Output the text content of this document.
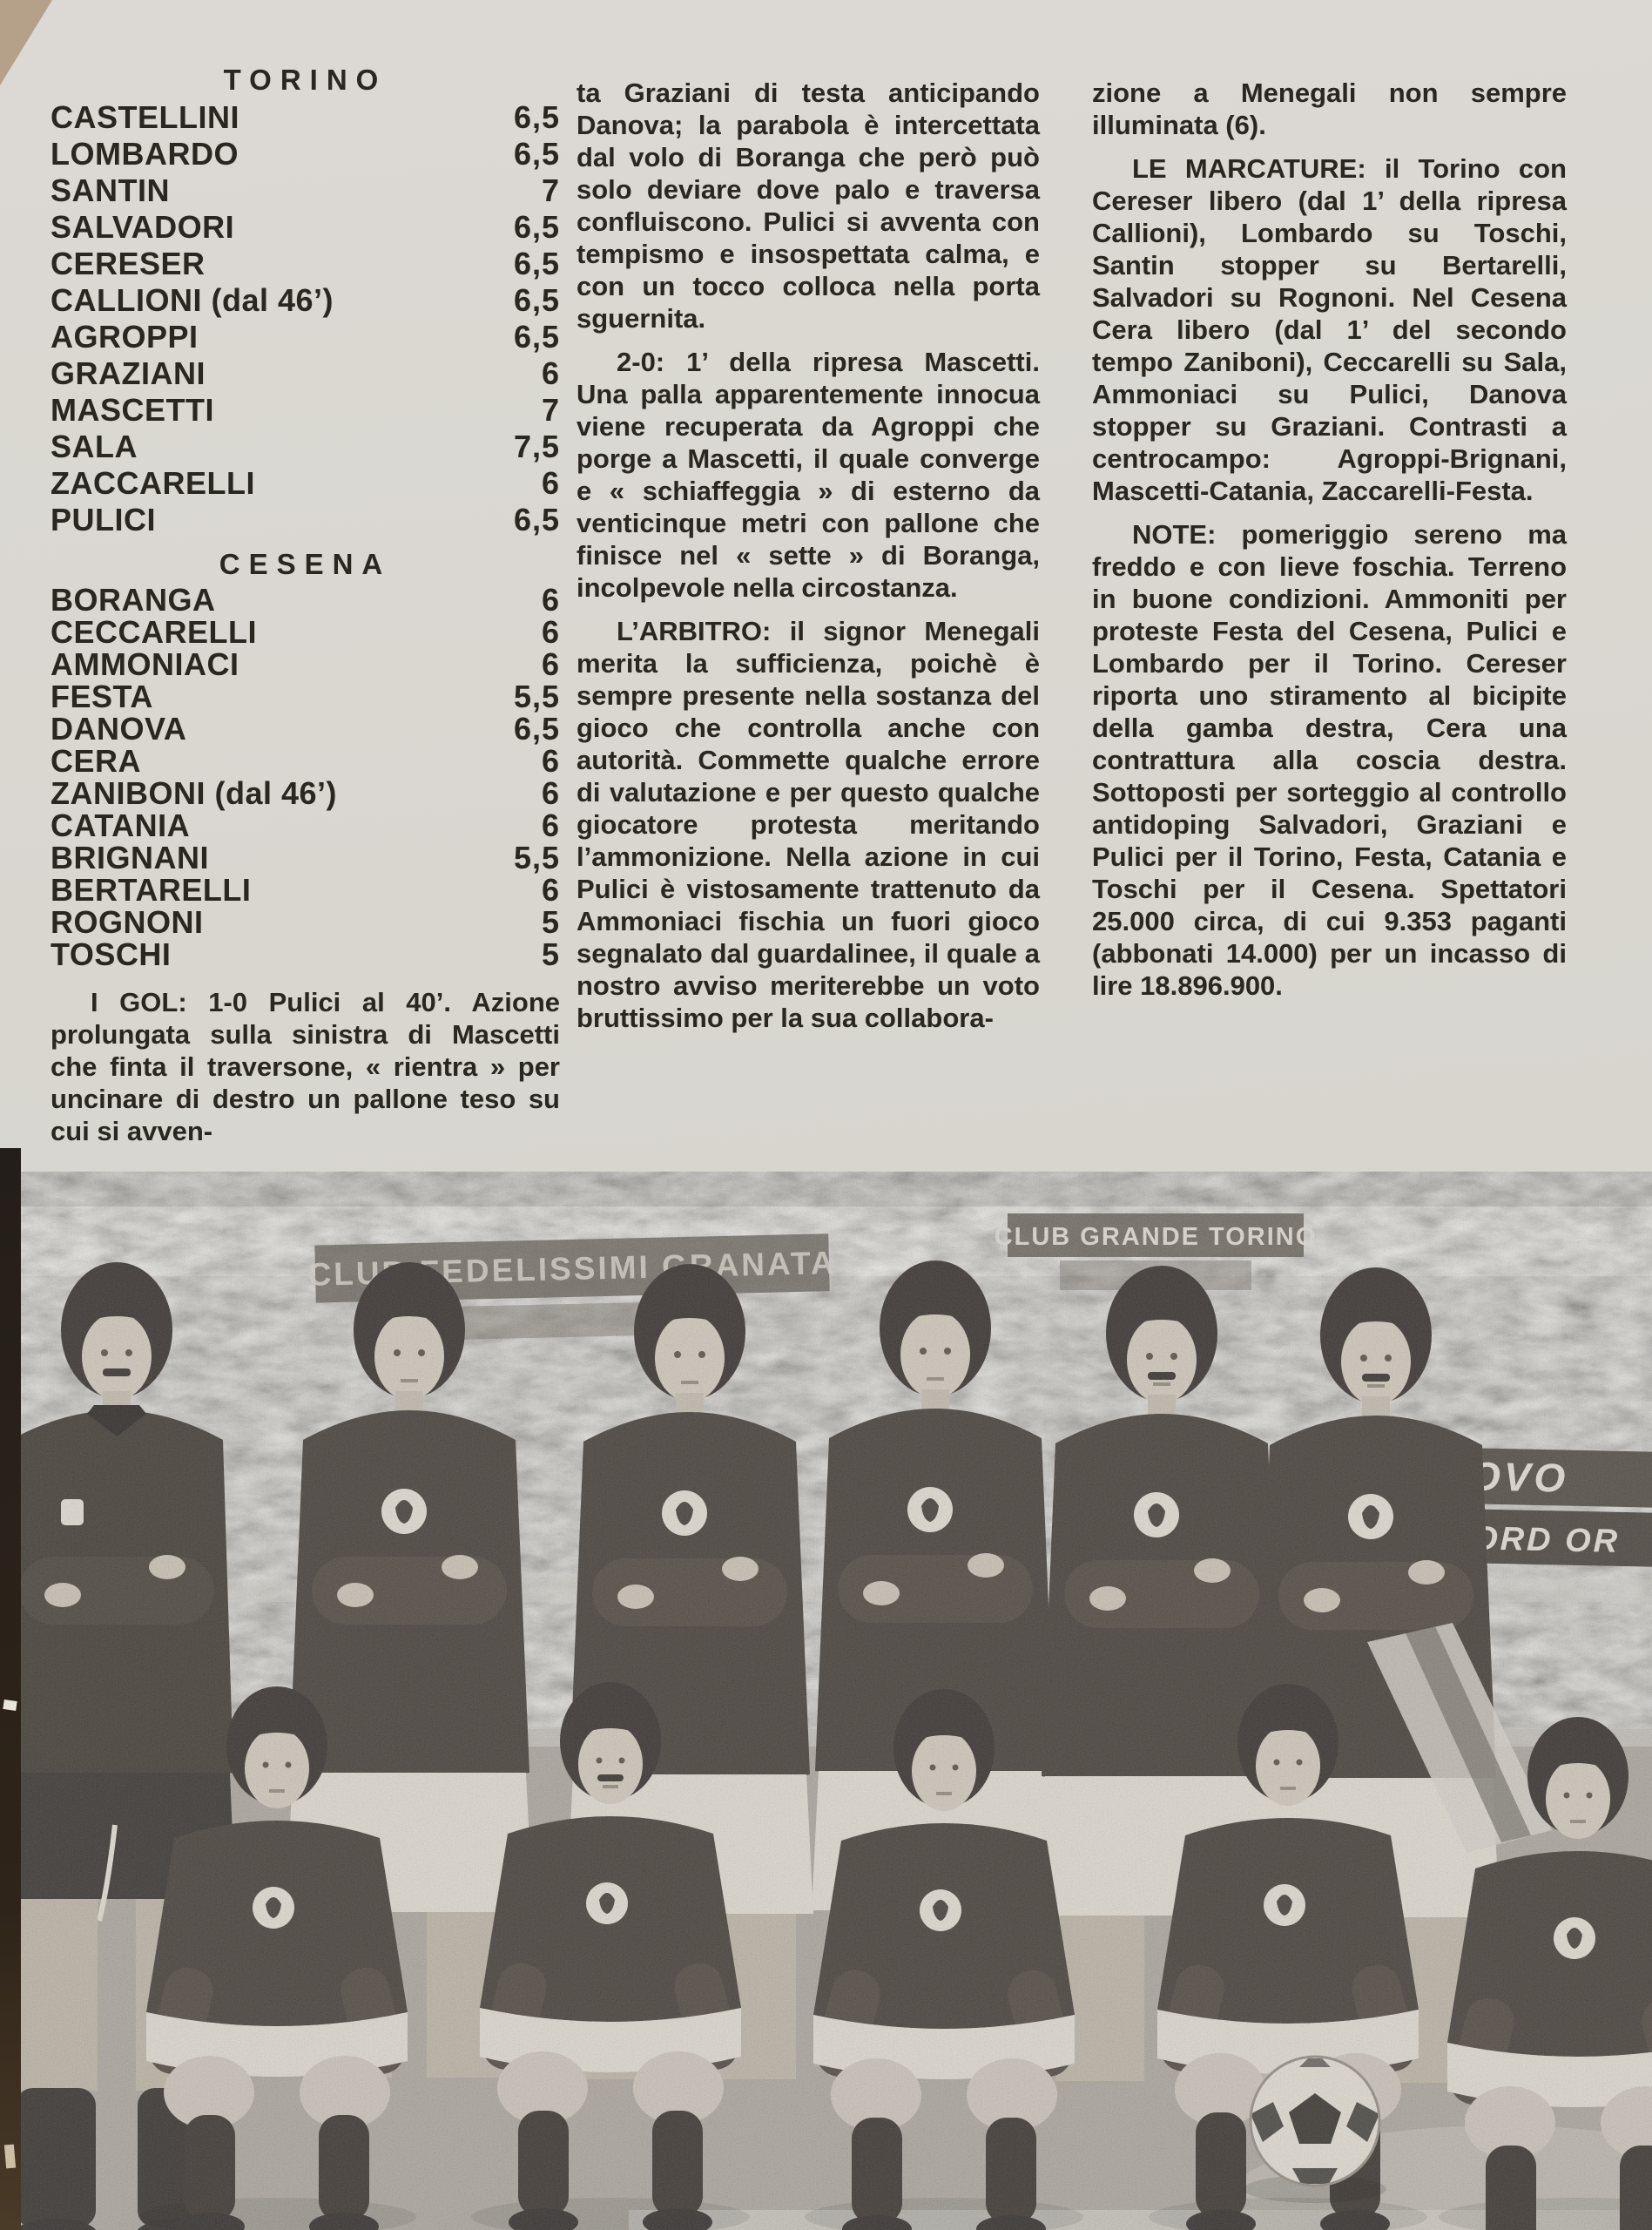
TORINO
CASTELLINI	6,5
LOMBARDO	6,5
SANTIN	7
SALVADORI	6,5
CERESER	6,5
CALLIONI (dal 46’)	6,5
AGROPPI	6,5
GRAZIANI	6
MASCETTI	7
SALA	7,5
ZACCARELLI	6
PULICI	6,5
CESENA
BORANGA	6
CECCARELLI	6
AMMONIACI	6
FESTA	5,5
DANOVA	6,5
CERA	6
ZANIBONI (dal 46’)	6
CATANIA	6
BRIGNANI	5,5
BERTARELLI	6
ROGNONI	5
TOSCHI	5

I GOL: 1-0 Pulici al 40’. Azione prolungata sulla sinistra di Mascetti che finta il traversone, « rientra » per uncinare di destro un pallone teso su cui si avven-

ta Graziani di testa anticipando Danova; la parabola è intercettata dal volo di Boranga che però può solo deviare dove palo e traversa confluiscono. Pulici si avventa con tempismo e insospettata calma, e con un tocco colloca nella porta sguernita.

2-0: 1’ della ripresa Mascetti. Una palla apparentemente innocua viene recuperata da Agroppi che porge a Mascetti, il quale converge e « schiaffeggia » di esterno da venticinque metri con pallone che finisce nel « sette » di Boranga, incolpevole nella circostanza.

L’ARBITRO: il signor Menegali merita la sufficienza, poichè è sempre presente nella sostanza del gioco che controlla anche con autorità. Commette qualche errore di valutazione e per questo qualche giocatore protesta meritando l’ammonizione. Nella azione in cui Pulici è vistosamente trattenuto da Ammoniaci fischia un fuori gioco segnalato dal guardalinee, il quale a nostro avviso meriterebbe un voto bruttissimo per la sua collabora-

zione a Menegali non sempre illuminata (6).

LE MARCATURE: il Torino con Cereser libero (dal 1’ della ripresa Callioni), Lombardo su Toschi, Santin stopper su Bertarelli, Salvadori su Rognoni. Nel Cesena Cera libero (dal 1’ del secondo tempo Zaniboni), Ceccarelli su Sala, Ammoniaci su Pulici, Danova stopper su Graziani. Contrasti a centrocampo: Agroppi-Brignani, Mascetti-Catania, Zaccarelli-Festa.

NOTE: pomeriggio sereno ma freddo e con lieve foschia. Terreno in buone condizioni. Ammoniti per proteste Festa del Cesena, Pulici e Lombardo per il Torino. Cereser riporta uno stiramento al bicipite della gamba destra, Cera una contrattura alla coscia destra. Sottoposti per sorteggio al controllo antidoping Salvadori, Graziani e Pulici per il Torino, Festa, Catania e Toschi per il Cesena. Spettatori 25.000 circa, di cui 9.353 paganti (abbonati 14.000) per un incasso di lire 18.896.900.
